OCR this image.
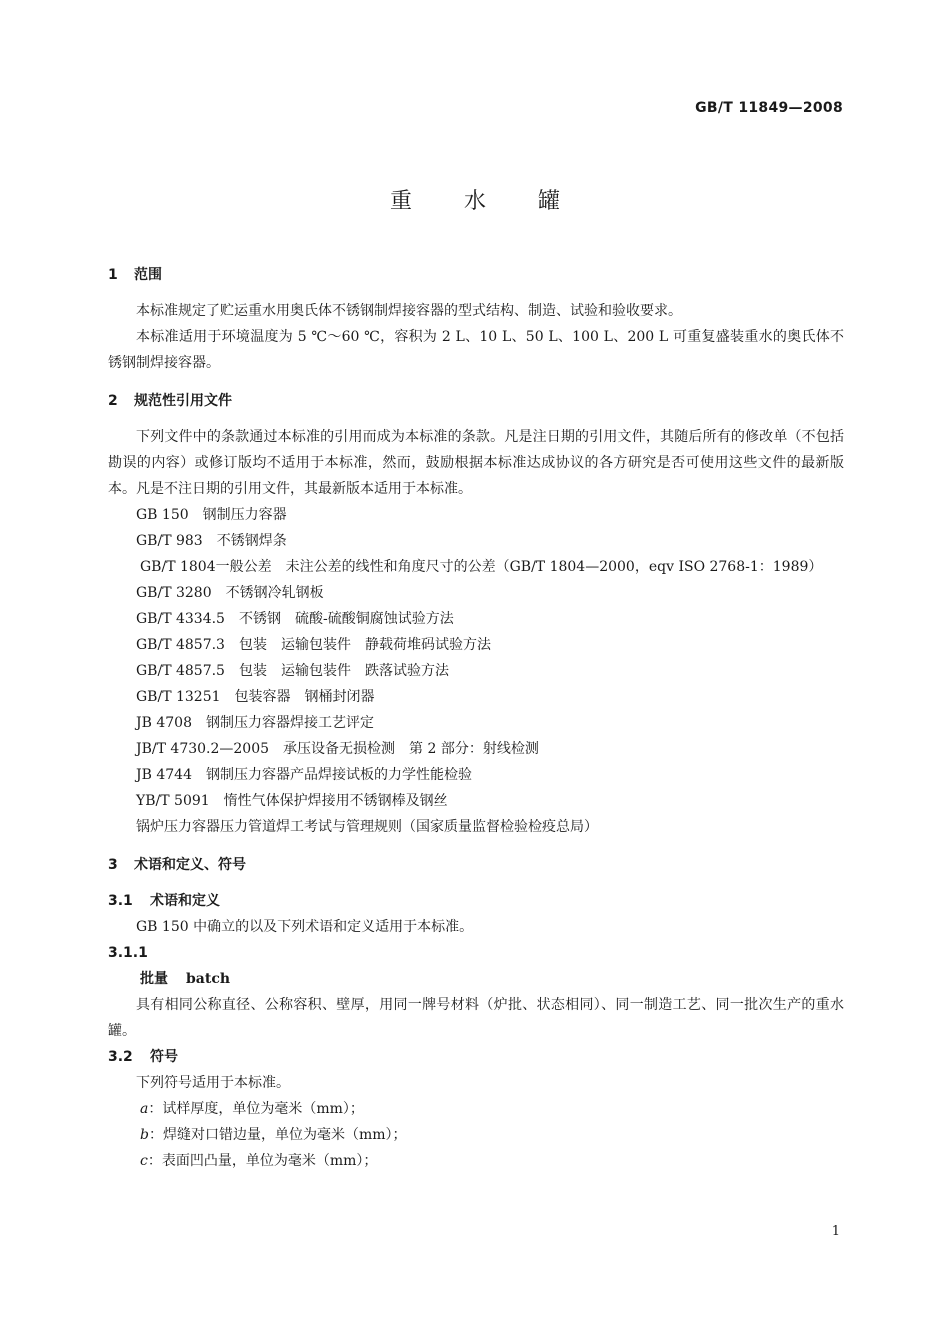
GB/T 11849—2008
重水罐
1 范围

本标准规定了贮运重水用奥氏体不锈钢制焊接容器的型式结构、制造、试验和验收要求。

本标准适用于环境温度为 5 ℃～60 ℃，容积为 2 L、10 L、50 L、100 L、200 L 可重复盛装重水的奥氏体不锈钢制焊接容器。

2 规范性引用文件

下列文件中的条款通过本标准的引用而成为本标准的条款。凡是注日期的引用文件，其随后所有的修改单（不包括勘误的内容）或修订版均不适用于本标准，然而，鼓励根据本标准达成协议的各方研究是否可使用这些文件的最新版本。凡是不注日期的引用文件，其最新版本适用于本标准。

GB 150 钢制压力容器
GB/T 983 不锈钢焊条
GB/T 1804一般公差　未注公差的线性和角度尺寸的公差（GB/T 1804—2000，eqv ISO 2768-1：1989）
GB/T 3280 不锈钢冷轧钢板
GB/T 4334.5 不锈钢　硫酸-硫酸铜腐蚀试验方法
GB/T 4857.3 包装　运输包装件　静载荷堆码试验方法
GB/T 4857.5 包装　运输包装件　跌落试验方法
GB/T 13251 包装容器　钢桶封闭器
JB 4708 钢制压力容器焊接工艺评定
JB/T 4730.2—2005 承压设备无损检测　第 2 部分：射线检测
JB 4744 钢制压力容器产品焊接试板的力学性能检验
YB/T 5091 惰性气体保护焊接用不锈钢棒及钢丝
锅炉压力容器压力管道焊工考试与管理规则（国家质量监督检验检疫总局）
3 术语和定义、符号
3.1 术语和定义

GB 150 中确立的以及下列术语和定义适用于本标准。

3.1.1
批量 batch

具有相同公称直径、公称容积、壁厚，用同一牌号材料（炉批、状态相同）、同一制造工艺、同一批次生产的重水罐。

3.2 符号

下列符号适用于本标准。

a：试样厚度，单位为毫米（mm）；
b：焊缝对口错边量，单位为毫米（mm）；
c：表面凹凸量，单位为毫米（mm）；
1
